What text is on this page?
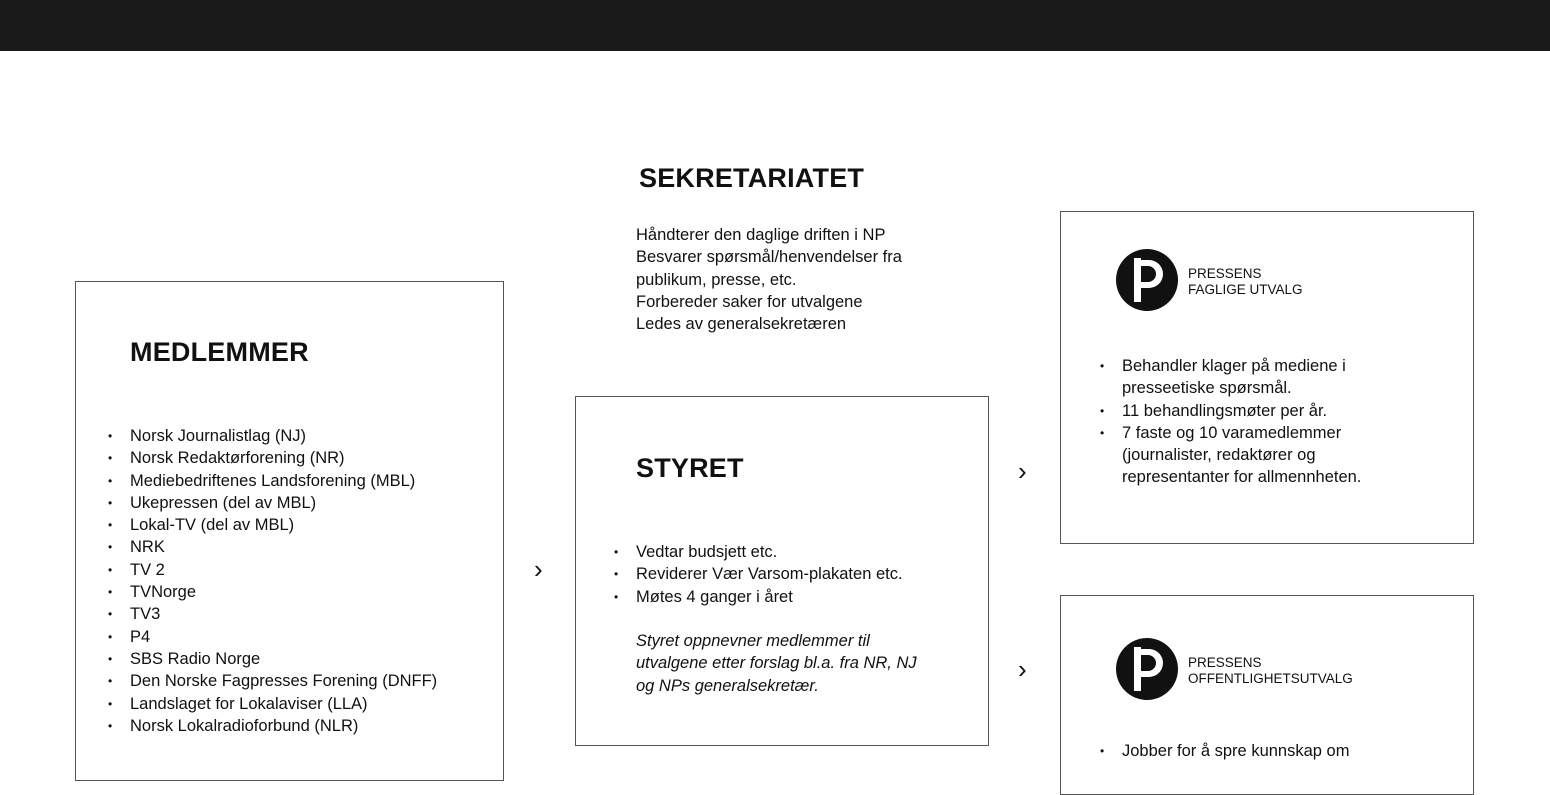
SEKRETARIATET
Håndterer den daglige driften i NP
Besvarer spørsmål/henvendelser fra
publikum, presse, etc.
Forbereder saker for utvalgene
Ledes av generalsekretæren
MEDLEMMER
• Norsk Journalistlag (NJ)
• Norsk Redaktørforening (NR)
• Mediebedriftenes Landsforening (MBL)
• Ukepressen (del av MBL)
• Lokal-TV (del av MBL)
• NRK
• TV 2
• TVNorge
• TV3
• P4
• SBS Radio Norge
• Den Norske Fagpresses Forening (DNFF)
• Landslaget for Lokalaviser (LLA)
• Norsk Lokalradioforbund (NLR)
›
STYRET
• Vedtar budsjett etc.
• Reviderer Vær Varsom-plakaten etc.
• Møtes 4 ganger i året
Styret oppnevner medlemmer til
utvalgene etter forslag bl.a. fra NR, NJ
og NPs generalsekretær.
›
›
PRESSENS
FAGLIGE UTVALG
• Behandler klager på mediene i presseetiske spørsmål.
• 11 behandlingsmøter per år.
• 7 faste og 10 varamedlemmer (journalister, redaktører og representanter for allmennheten.
PRESSENS
OFFENTLIGHETSUTVALG
• Jobber for å spre kunnskap om
